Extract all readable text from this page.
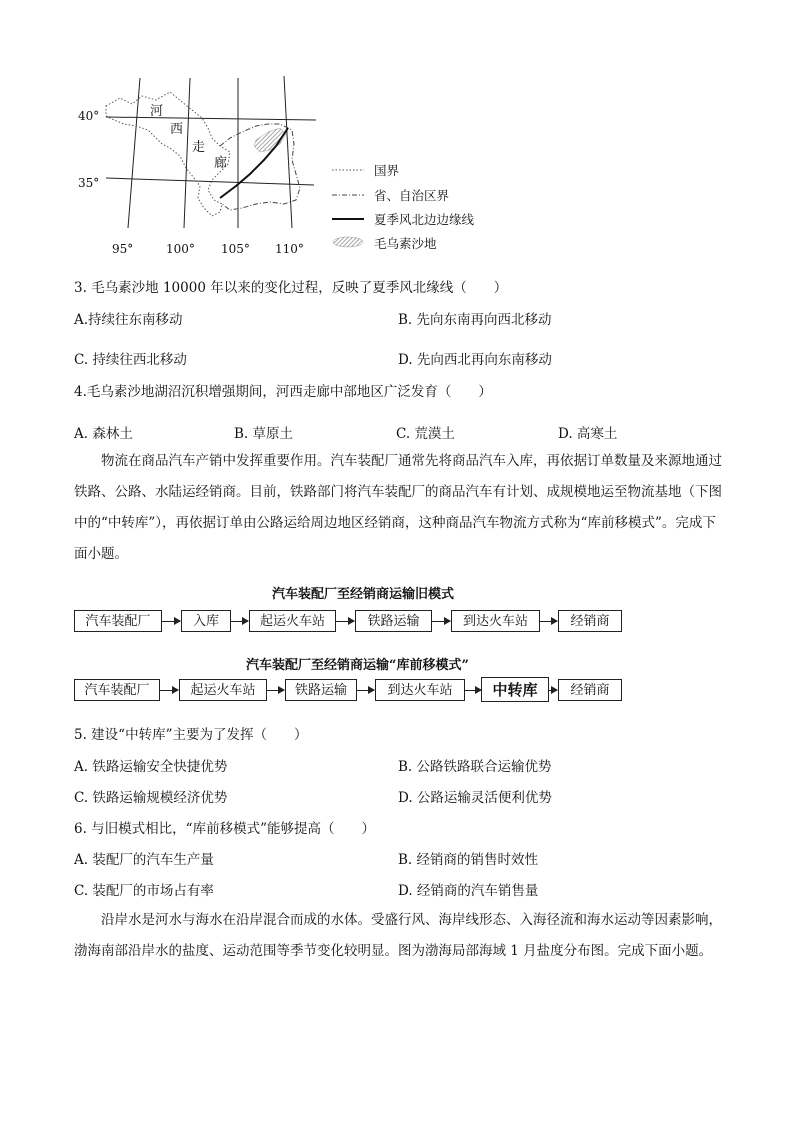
40°
35°
95°	100° 105° 110°
河
西
走
廊	国界
省、自治区界
夏季风北边边缘线
毛乌素沙地
3. 毛乌素沙地 10000 年以来的变化过程，反映了夏季风北缘线（　　）
A.持续往东南移动	B. 先向东南再向西北移动
C. 持续往西北移动	D. 先向西北再向东南移动
4.毛乌素沙地湖沼沉积增强期间，河西走廊中部地区广泛发育（　　）
A. 森林土	B. 草原土	C. 荒漠土	D. 高寒土
物流在商品汽车产销中发挥重要作用。汽车装配厂通常先将商品汽车入库，再依据订单数量及来源地通过铁路、公路、水陆运经销商。目前，铁路部门将汽车装配厂的商品汽车有计划、成规模地运至物流基地（下图中的“中转库”），再依据订单由公路运给周边地区经销商，这种商品汽车物流方式称为“库前移模式”。完成下面小题。
汽车装配厂至经销商运输旧模式
汽车装配厂	入库	起运火车站	铁路运输	到达火车站	经销商
汽车装配厂至经销商运输“库前移模式”
汽车装配厂	起运火车站	铁路运输	到达火车站	中转库	经销商
5. 建设“中转库”主要为了发挥（　　）
A. 铁路运输安全快捷优势	B. 公路铁路联合运输优势
C. 铁路运输规模经济优势	D. 公路运输灵活便利优势
6. 与旧模式相比，“库前移模式”能够提高（　　）
A. 装配厂的汽车生产量	B. 经销商的销售时效性
C. 装配厂的市场占有率	D. 经销商的汽车销售量
沿岸水是河水与海水在沿岸混合而成的水体。受盛行风、海岸线形态、入海径流和海水运动等因素影响，渤海南部沿岸水的盐度、运动范围等季节变化较明显。图为渤海局部海域 1 月盐度分布图。完成下面小题。
